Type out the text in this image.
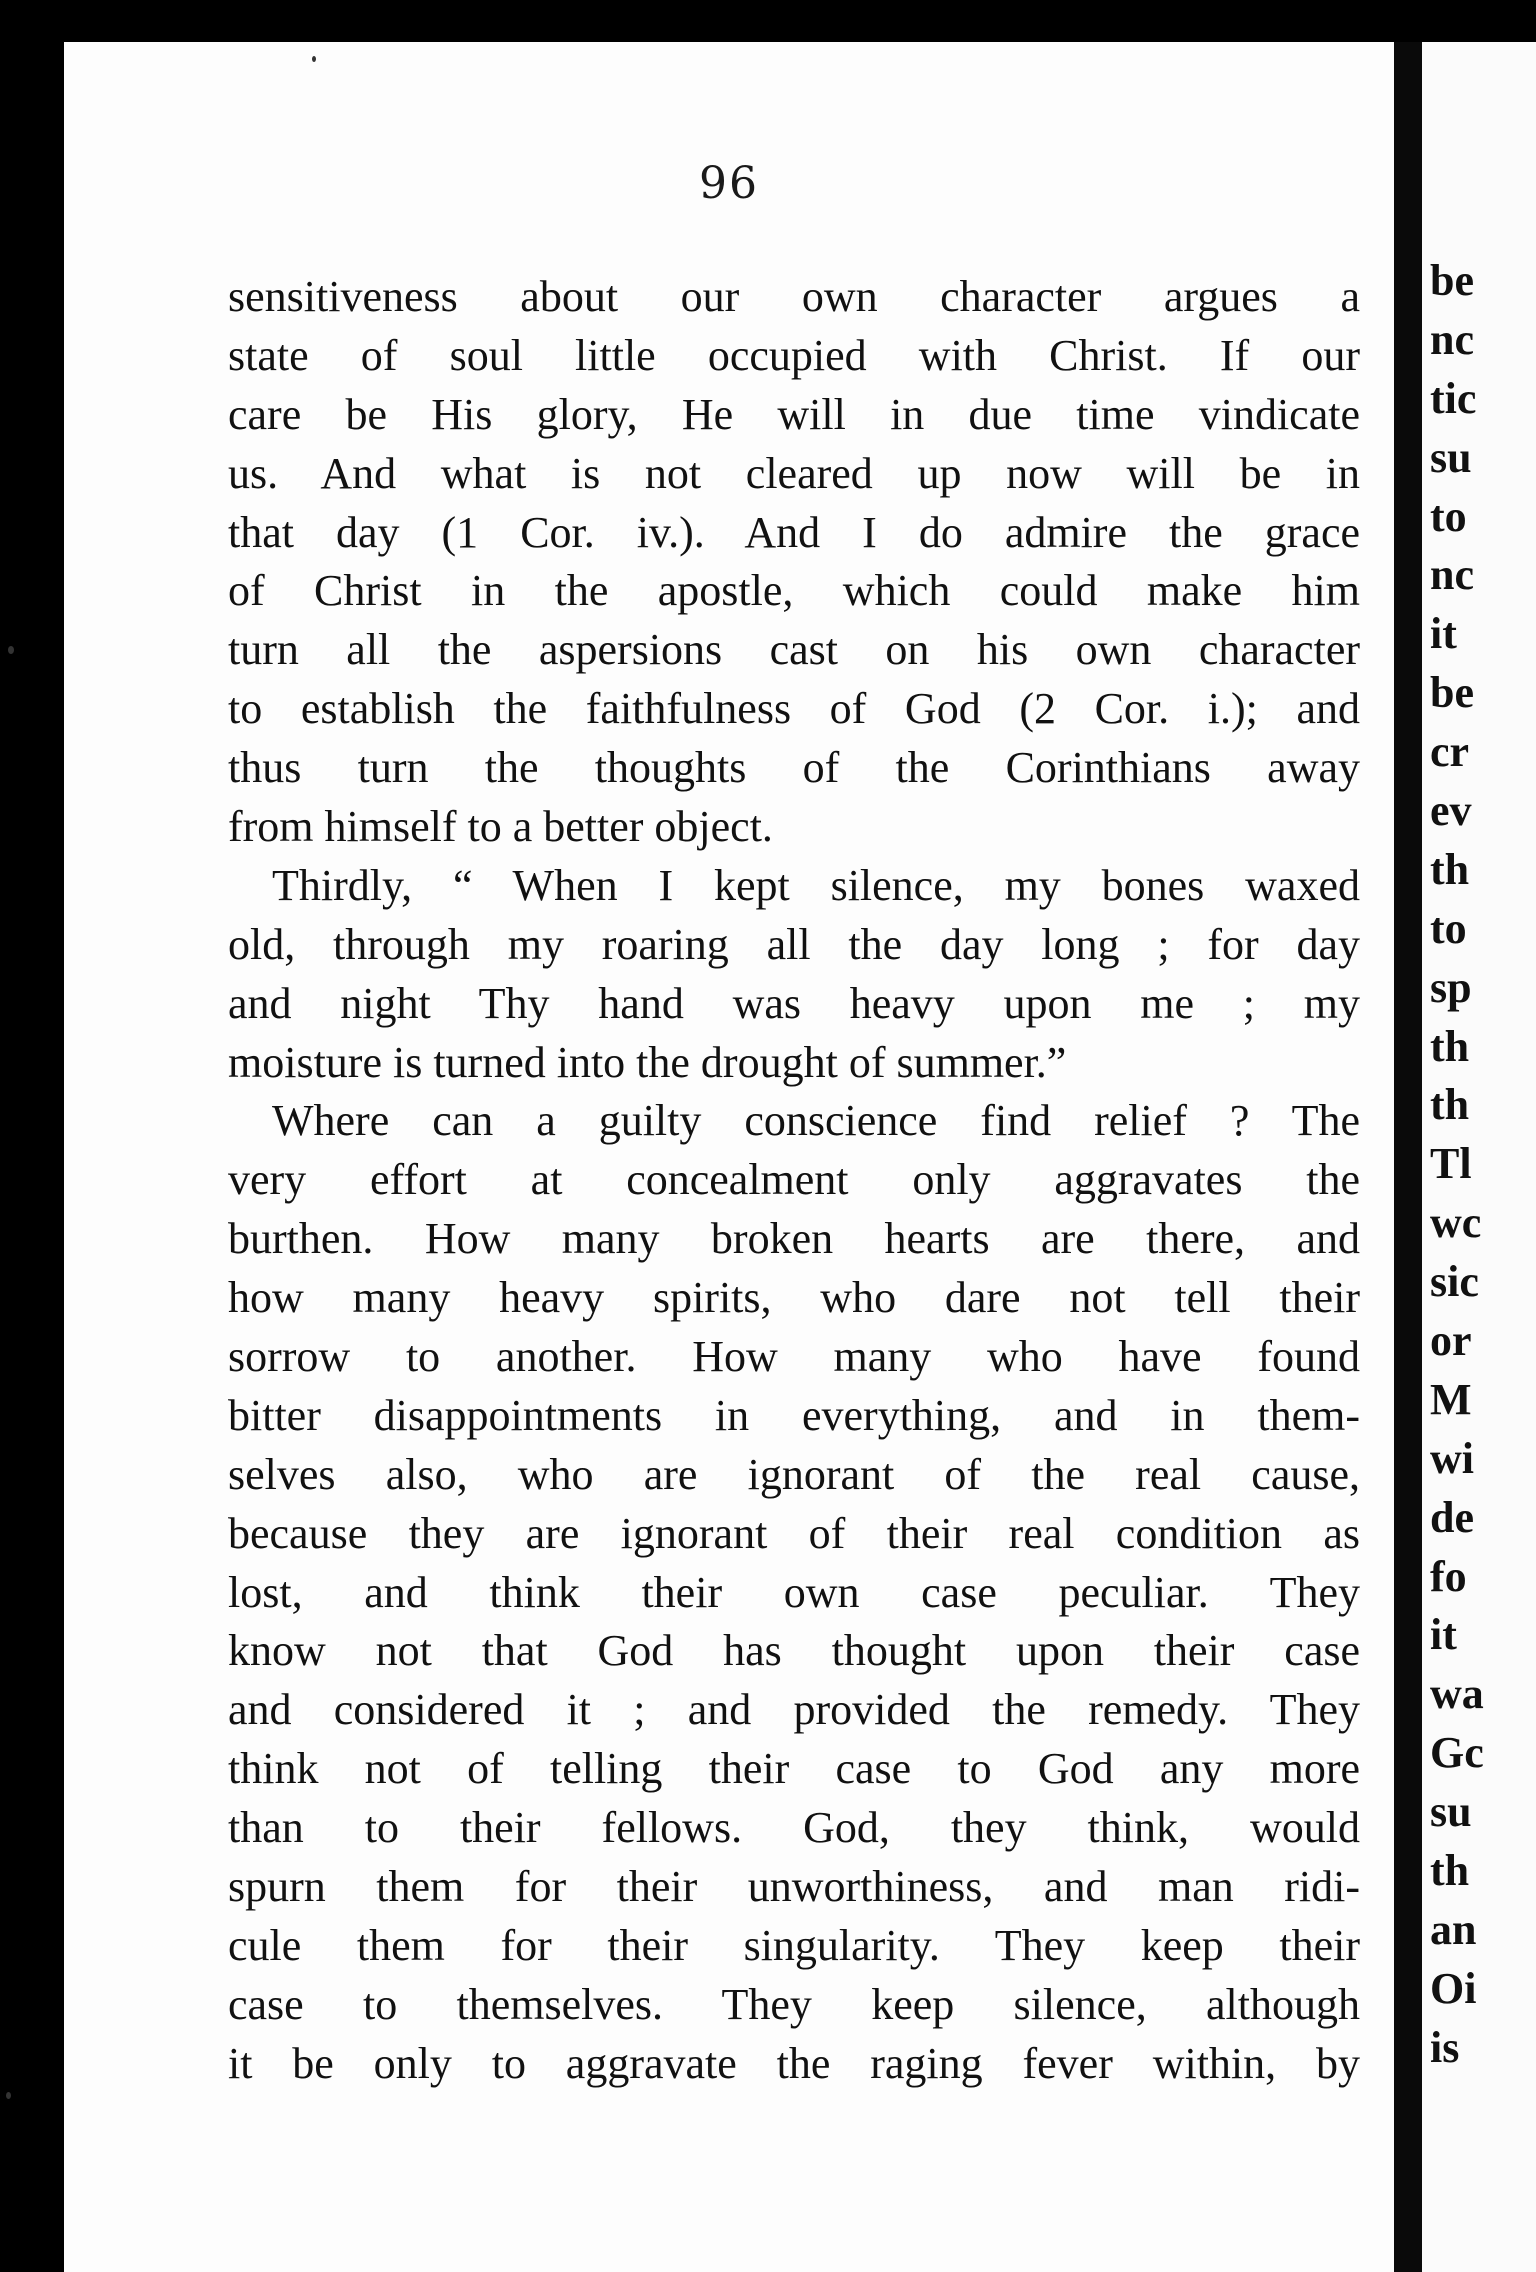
96
sensitiveness about our own character argues a
state of soul little occupied with Christ. If our
care be His glory, He will in due time vindicate
us. And what is not cleared up now will be in
that day (1 Cor. iv.). And I do admire the grace
of Christ in the apostle, which could make him
turn all the aspersions cast on his own character
to establish the faithfulness of God (2 Cor. i.); and
thus turn the thoughts of the Corinthians away
from himself to a better object.
Thirdly, “ When I kept silence, my bones waxed
old, through my roaring all the day long ; for day
and night Thy hand was heavy upon me ; my
moisture is turned into the drought of summer.”
Where can a guilty conscience find relief ? The
very effort at concealment only aggravates the
burthen. How many broken hearts are there, and
how many heavy spirits, who dare not tell their
sorrow to another. How many who have found
bitter disappointments in everything, and in them-
selves also, who are ignorant of the real cause,
because they are ignorant of their real condition as
lost, and think their own case peculiar. They
know not that God has thought upon their case
and considered it ; and provided the remedy. They
think not of telling their case to God any more
than to their fellows. God, they think, would
spurn them for their unworthiness, and man ridi-
cule them for their singularity. They keep their
case to themselves. They keep silence, although
it be only to aggravate the raging fever within, by
be
nc
tic
su
to
nc
it
be
cr
ev
th
to
sp
th
th
Tl
wc
sic
or
M
wi
de
fo
it
wa
Gc
su
th
an
Oi
is
